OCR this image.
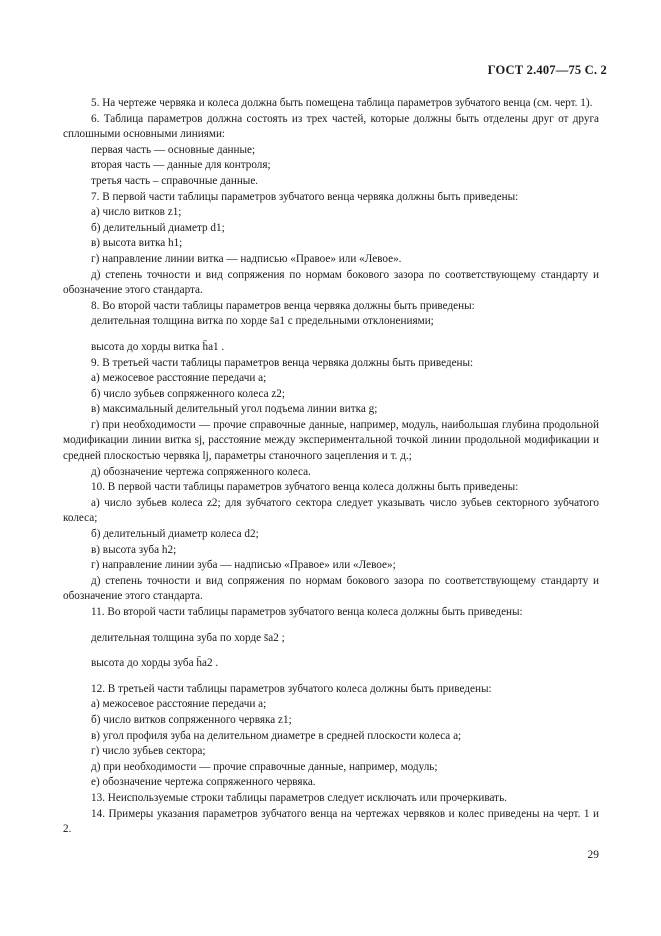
ГОСТ 2.407—75 С. 2

5. На чертеже червяка и колеса должна быть помещена таблица параметров зубчатого венца (см. черт. 1).

6. Таблица параметров должна состоять из трех частей, которые должны быть отделены друг от друга сплошными основными линиями:

первая часть — основные данные;

вторая часть — данные для контроля;

третья часть – справочные данные.

7. В первой части таблицы параметров зубчатого венца червяка должны быть приведены:

а) число витков z1;

б) делительный диаметр d1;

в) высота витка h1;

г) направление линии витка — надписью «Правое» или «Левое».

д) степень точности и вид сопряжения по нормам бокового зазора по соответствующему стандарту и обозначение этого стандарта.

8. Во второй части таблицы параметров венца червяка должны быть приведены:

делительная толщина витка по хорде s̄a1 с предельными отклонениями;

высота до хорды витка h̄a1 .

9. В третьей части таблицы параметров венца червяка должны быть приведены:

а) межосевое расстояние передачи a;

б) число зубьев сопряженного колеса z2;

в) максимальный делительный угол подъема линии витка g;

г) при необходимости — прочие справочные данные, например, модуль, наибольшая глубина продольной модификации линии витка sj, расстояние между экспериментальной точкой линии продольной модификации и средней плоскостью червяка lj, параметры станочного зацепления и т. д.;

д) обозначение чертежа сопряженного колеса.

10. В первой части таблицы параметров зубчатого венца колеса должны быть приведены:

а) число зубьев колеса z2; для зубчатого сектора следует указывать число зубьев секторного зубчатого колеса;

б) делительный диаметр колеса d2;

в) высота зуба h2;

г) направление линии зуба — надписью «Правое» или «Левое»;

д) степень точности и вид сопряжения по нормам бокового зазора по соответствующему стандарту и обозначение этого стандарта.

11. Во второй части таблицы параметров зубчатого венца колеса должны быть приведены:

делительная толщина зуба по хорде s̄a2 ;

высота до хорды зуба h̄a2 .

12. В третьей части таблицы параметров зубчатого колеса должны быть приведены:

а) межосевое расстояние передачи a;

б) число витков сопряженного червяка z1;

в) угол профиля зуба на делительном диаметре в средней плоскости колеса a;

г) число зубьев сектора;

д) при необходимости — прочие справочные данные, например, модуль;

е) обозначение чертежа сопряженного червяка.

13. Неиспользуемые строки таблицы параметров следует исключать или прочеркивать.

14. Примеры указания параметров зубчатого венца на чертежах червяков и колес приведены на черт. 1 и 2.

29
